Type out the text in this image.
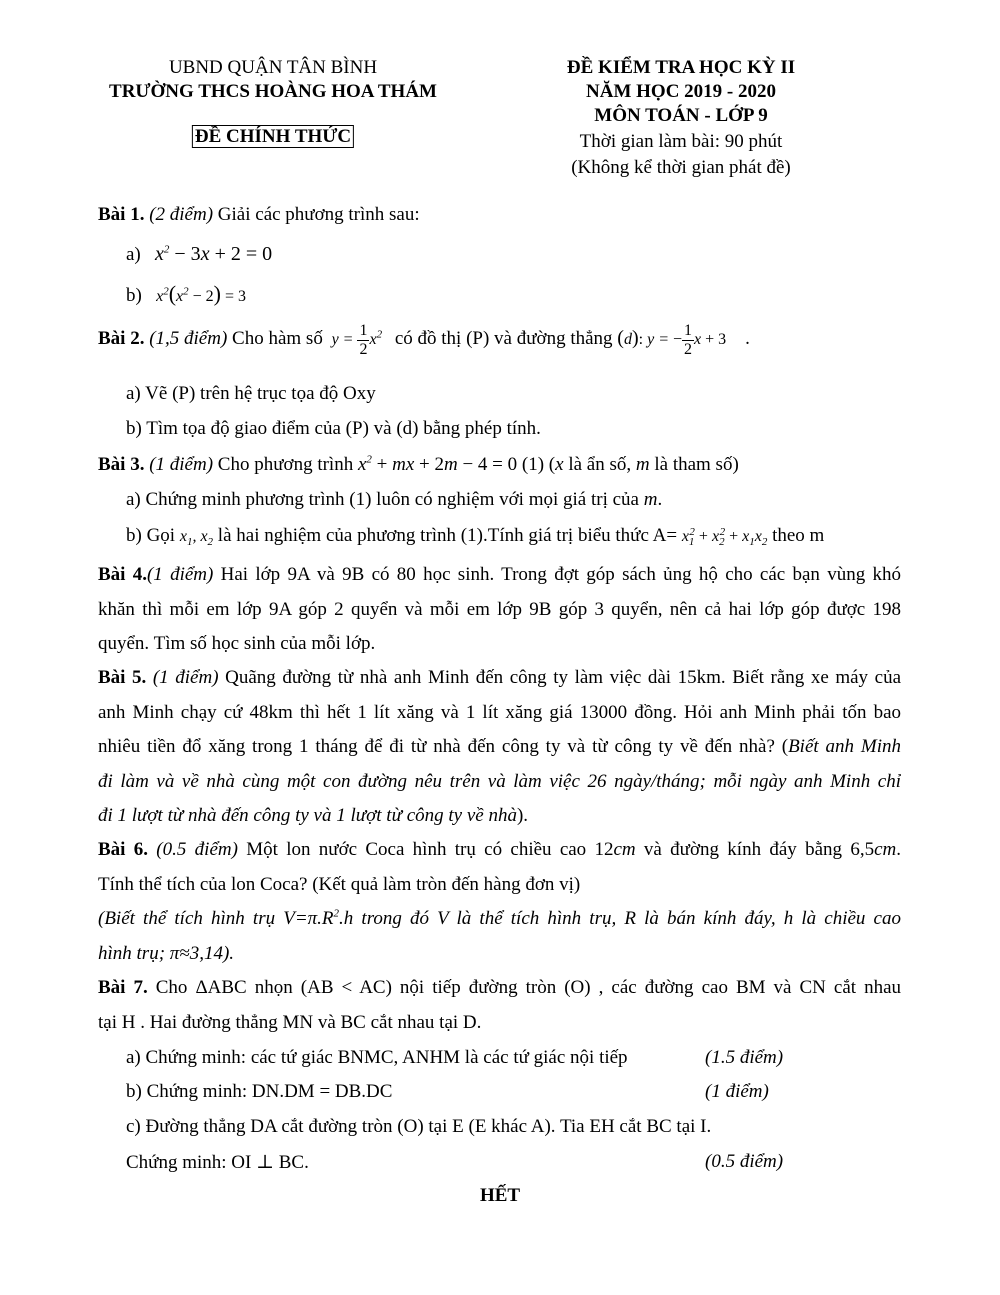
UBND QUẬN TÂN BÌNH
TRƯỜNG THCS HOÀNG HOA THÁM
ĐỀ CHÍNH THỨC
ĐỀ KIỂM TRA HỌC KỲ II
NĂM HỌC 2019 - 2020
MÔN TOÁN - LỚP 9
Thời gian làm bài: 90 phút
(Không kể thời gian phát đề)
Bài 1. (2 điểm) Giải các phương trình sau:
a) $x^2 - 3x + 2 = 0$
b) $x^2(x^2 - 2) = 3$
Bài 2. (1,5 điểm) Cho hàm số  $y = \frac{1}{2} x^2$   có đồ thị (P) và đường thẳng (d): y = − $\frac{1}{2}$ x + 3    .
a) Vẽ (P) trên hệ trục tọa độ Oxy
b) Tìm tọa độ giao điểm của (P) và (d) bằng phép tính.
Bài 3. (1 điểm) Cho phương trình $x^2$ + mx + 2m − 4 = 0 (1) (x là ẩn số, m là tham số)
a) Chứng minh phương trình (1) luôn có nghiệm với mọi giá trị của m.
b) Gọi $x_1$, $x_2$ là hai nghiệm của phương trình (1).Tính giá trị biểu thức $A= x_1^2 + x_2^2 + x_1x_2$ theo m

Bài 4.(1 điểm) Hai lớp 9A và 9B có 80 học sinh. Trong đợt góp sách ủng hộ cho các bạn vùng khó

khăn thì mỗi em lớp 9A góp 2 quyển và mỗi em lớp 9B góp 3 quyển, nên cả hai lớp góp được 198

quyển. Tìm số học sinh của mỗi lớp.

Bài 5. (1 điểm) Quãng đường từ nhà anh Minh đến công ty làm việc dài 15km. Biết rằng xe máy của

anh Minh chạy cứ 48km thì hết 1 lít xăng và 1 lít xăng giá 13000 đồng. Hỏi anh Minh phải tốn bao

nhiêu tiền đổ xăng trong 1 tháng để đi từ nhà đến công ty và từ công ty về đến nhà? (Biết anh Minh

đi làm và về nhà cùng một con đường nêu trên và làm việc 26 ngày/tháng; mỗi ngày anh Minh chỉ

đi 1 lượt từ nhà đến công ty và 1 lượt từ công ty về nhà).

Bài 6. (0.5 điểm) Một lon nước Coca hình trụ có chiều cao 12cm và đường kính đáy bằng 6,5cm.

Tính thể tích của lon Coca? (Kết quả làm tròn đến hàng đơn vị)

(Biết thể tích hình trụ $V=\pi.R^2.h$ trong đó V là thể tích hình trụ, R là bán kính đáy, h là chiều cao

hình trụ; π≈3,14).

Bài 7. Cho ΔABC nhọn (AB < AC) nội tiếp đường tròn (O) , các đường cao BM và CN cắt nhau

tại H . Hai đường thẳng MN và BC cắt nhau tại D.

a) Chứng minh: các tứ giác BNMC, ANHM là các tứ giác nội tiếp	(1.5 điểm)
b) Chứng minh: DN.DM = DB.DC	(1 điểm)
c) Đường thẳng DA cắt đường tròn (O) tại E (E khác A). Tia EH cắt BC tại I.
Chứng minh: OI ⊥ BC.	(0.5 điểm)
HẾT
